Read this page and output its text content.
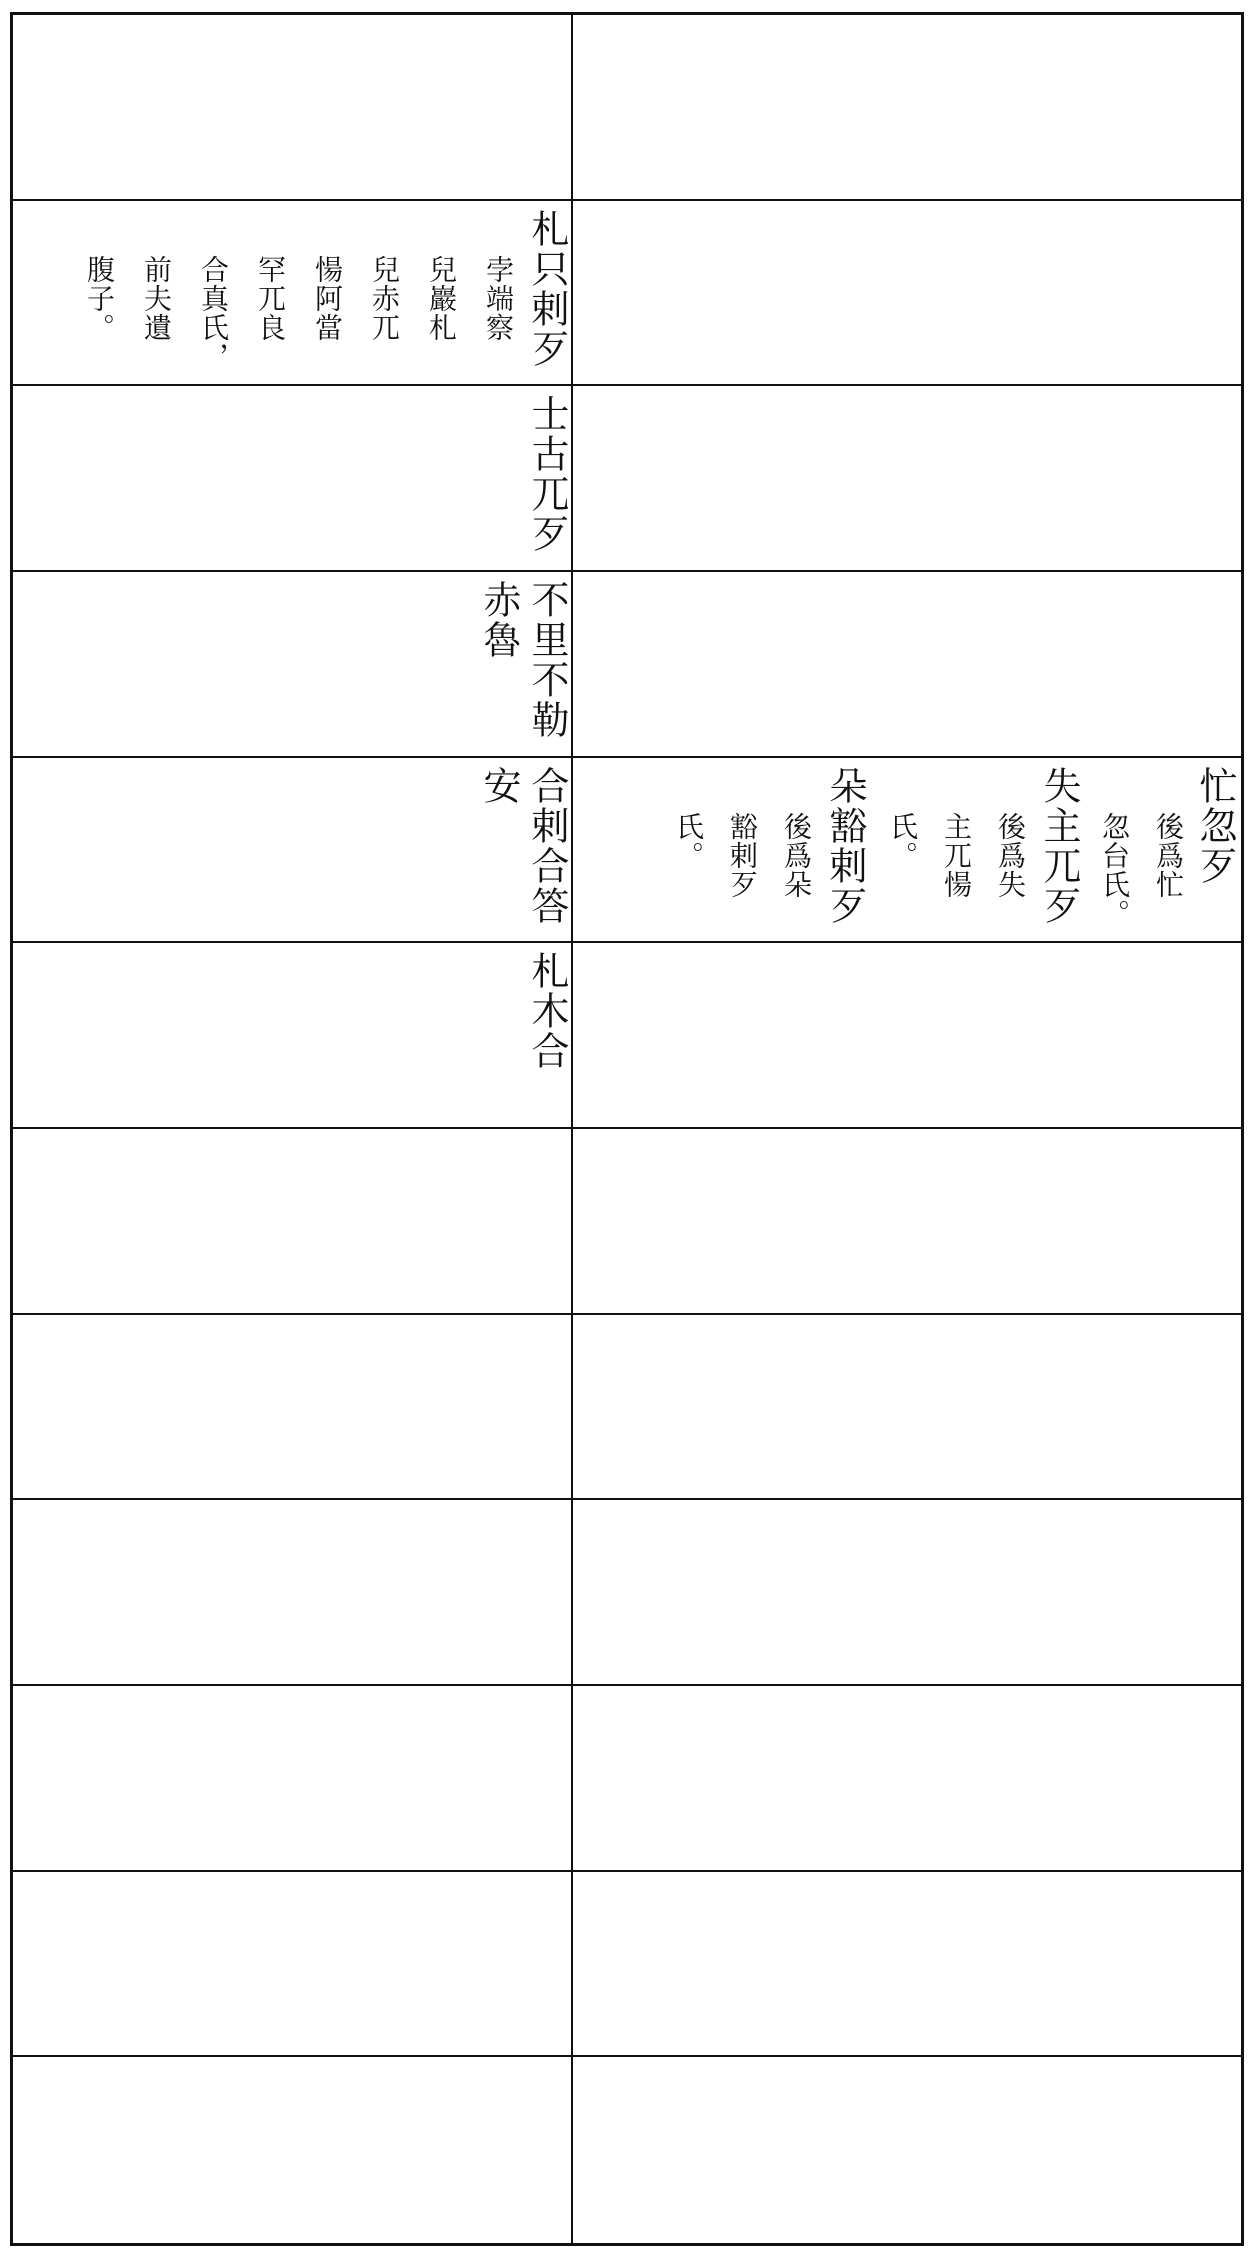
札只剌歹
孛端察
兒巖札
兒赤兀
愓阿當
罕兀良
合真氏，
前夫遺
腹子。
士古兀歹
不里不勒
赤魯
合剌合答
安	忙忽歹
後爲忙
忽台氏。
失主兀歹
後爲失
主兀愓
氏。
朵豁剌歹
後爲朵
豁剌歹
氏。
札木合
